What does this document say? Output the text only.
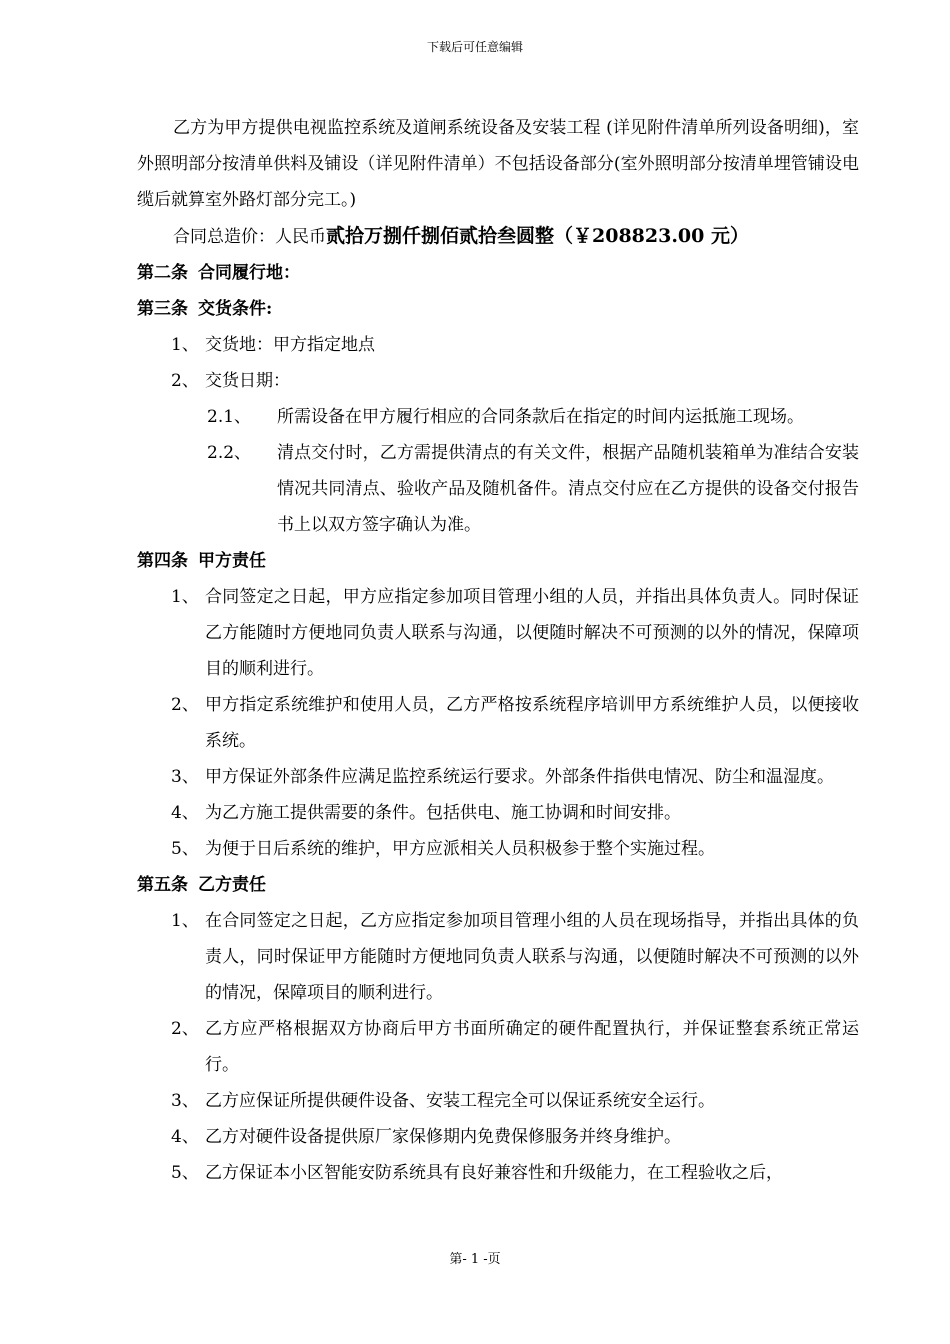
下载后可任意编辑

乙方为甲方提供电视监控系统及道闸系统设备及安装工程 (详见附件清单所列设备明细)，室外照明部分按清单供料及铺设（详见附件清单）不包括设备部分(室外照明部分按清单埋管铺设电缆后就算室外路灯部分完工。)

合同总造价：人民币贰拾万捌仟捌佰贰拾叁圆整（￥208823.00 元）

第二条 合同履行地：

第三条 交货条件:

1、 交货地：甲方指定地点
2、 交货日期：
2.1、	所需设备在甲方履行相应的合同条款后在指定的时间内运抵施工现场。
2.2、	清点交付时，乙方需提供清点的有关文件，根据产品随机装箱单为准结合安装情况共同清点、验收产品及随机备件。清点交付应在乙方提供的设备交付报告书上以双方签字确认为准。

第四条 甲方责任

1、 合同签定之日起，甲方应指定参加项目管理小组的人员，并指出具体负责人。同时保证乙方能随时方便地同负责人联系与沟通，以便随时解决不可预测的以外的情况，保障项目的顺利进行。
2、 甲方指定系统维护和使用人员，乙方严格按系统程序培训甲方系统维护人员，以便接收系统。
3、 甲方保证外部条件应满足监控系统运行要求。外部条件指供电情况、防尘和温湿度。
4、 为乙方施工提供需要的条件。包括供电、施工协调和时间安排。
5、 为便于日后系统的维护，甲方应派相关人员积极参于整个实施过程。

第五条 乙方责任

1、 在合同签定之日起，乙方应指定参加项目管理小组的人员在现场指导，并指出具体的负责人，同时保证甲方能随时方便地同负责人联系与沟通，以便随时解决不可预测的以外的情况，保障项目的顺利进行。
2、 乙方应严格根据双方协商后甲方书面所确定的硬件配置执行，并保证整套系统正常运行。
3、 乙方应保证所提供硬件设备、安装工程完全可以保证系统安全运行。
4、 乙方对硬件设备提供原厂家保修期内免费保修服务并终身维护。
5、 乙方保证本小区智能安防系统具有良好兼容性和升级能力，在工程验收之后，
第- 1 -页
